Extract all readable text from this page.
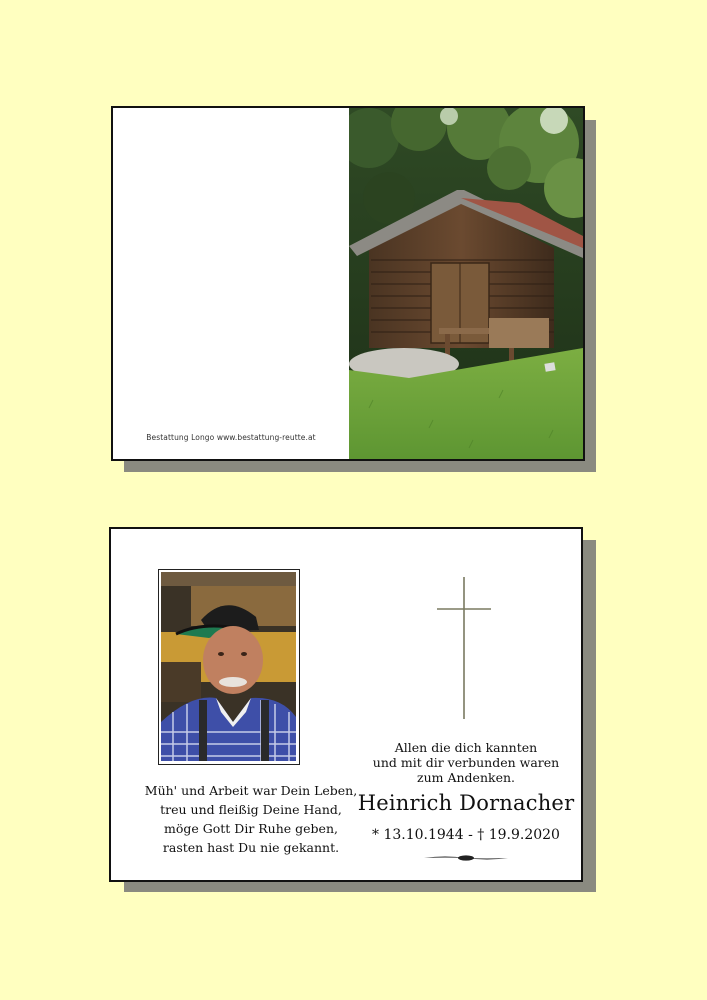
Bestattung Longo www.bestattung-reutte.at
Müh' und Arbeit war Dein Leben,
treu und fleißig Deine Hand,
möge Gott Dir Ruhe geben,
rasten hast Du nie gekannt.
Allen die dich kannten
und mit dir verbunden waren
zum Andenken.
Heinrich Dornacher
* 13.10.1944 - † 19.9.2020
